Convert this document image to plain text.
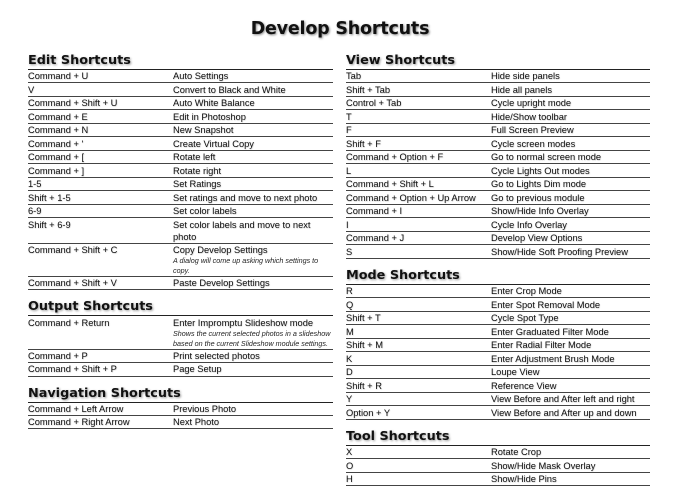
Develop Shortcuts
Edit Shortcuts
Command + U	Auto Settings
V	Convert to Black and White
Command + Shift + U	Auto White Balance
Command + E	Edit in Photoshop
Command + N	New Snapshot
Command + '	Create Virtual Copy
Command + [	Rotate left
Command + ]	Rotate right
1-5	Set Ratings
Shift + 1-5	Set ratings and move to next photo
6-9	Set color labels
Shift + 6-9	Set color labels and move to next photo
Command + Shift + C	Copy Develop Settings
A dialog will come up asking which settings to copy.
Command + Shift + V	Paste Develop Settings
Output Shortcuts
Command + Return	Enter Impromptu Slideshow mode
Shows the current selected photos in a slideshow based on the current Slideshow module settings.
Command + P	Print selected photos
Command + Shift + P	Page Setup
Navigation Shortcuts
Command + Left Arrow	Previous Photo
Command + Right Arrow	Next Photo
View Shortcuts
Tab	Hide side panels
Shift + Tab	Hide all panels
Control + Tab	Cycle upright mode
T	Hide/Show toolbar
F	Full Screen Preview
Shift + F	Cycle screen modes
Command + Option + F	Go to normal screen mode
L	Cycle Lights Out modes
Command + Shift + L	Go to Lights Dim mode
Command + Option + Up Arrow	Go to previous module
Command + I	Show/Hide Info Overlay
I	Cycle Info Overlay
Command + J	Develop View Options
S	Show/Hide Soft Proofing Preview
Mode Shortcuts
R	Enter Crop Mode
Q	Enter Spot Removal Mode
Shift + T	Cycle Spot Type
M	Enter Graduated Filter Mode
Shift + M	Enter Radial Filter Mode
K	Enter Adjustment Brush Mode
D	Loupe View
Shift + R	Reference View
Y	View Before and After left and right
Option + Y	View Before and After up and down
Tool Shortcuts
X	Rotate Crop
O	Show/Hide Mask Overlay
H	Show/Hide Pins
